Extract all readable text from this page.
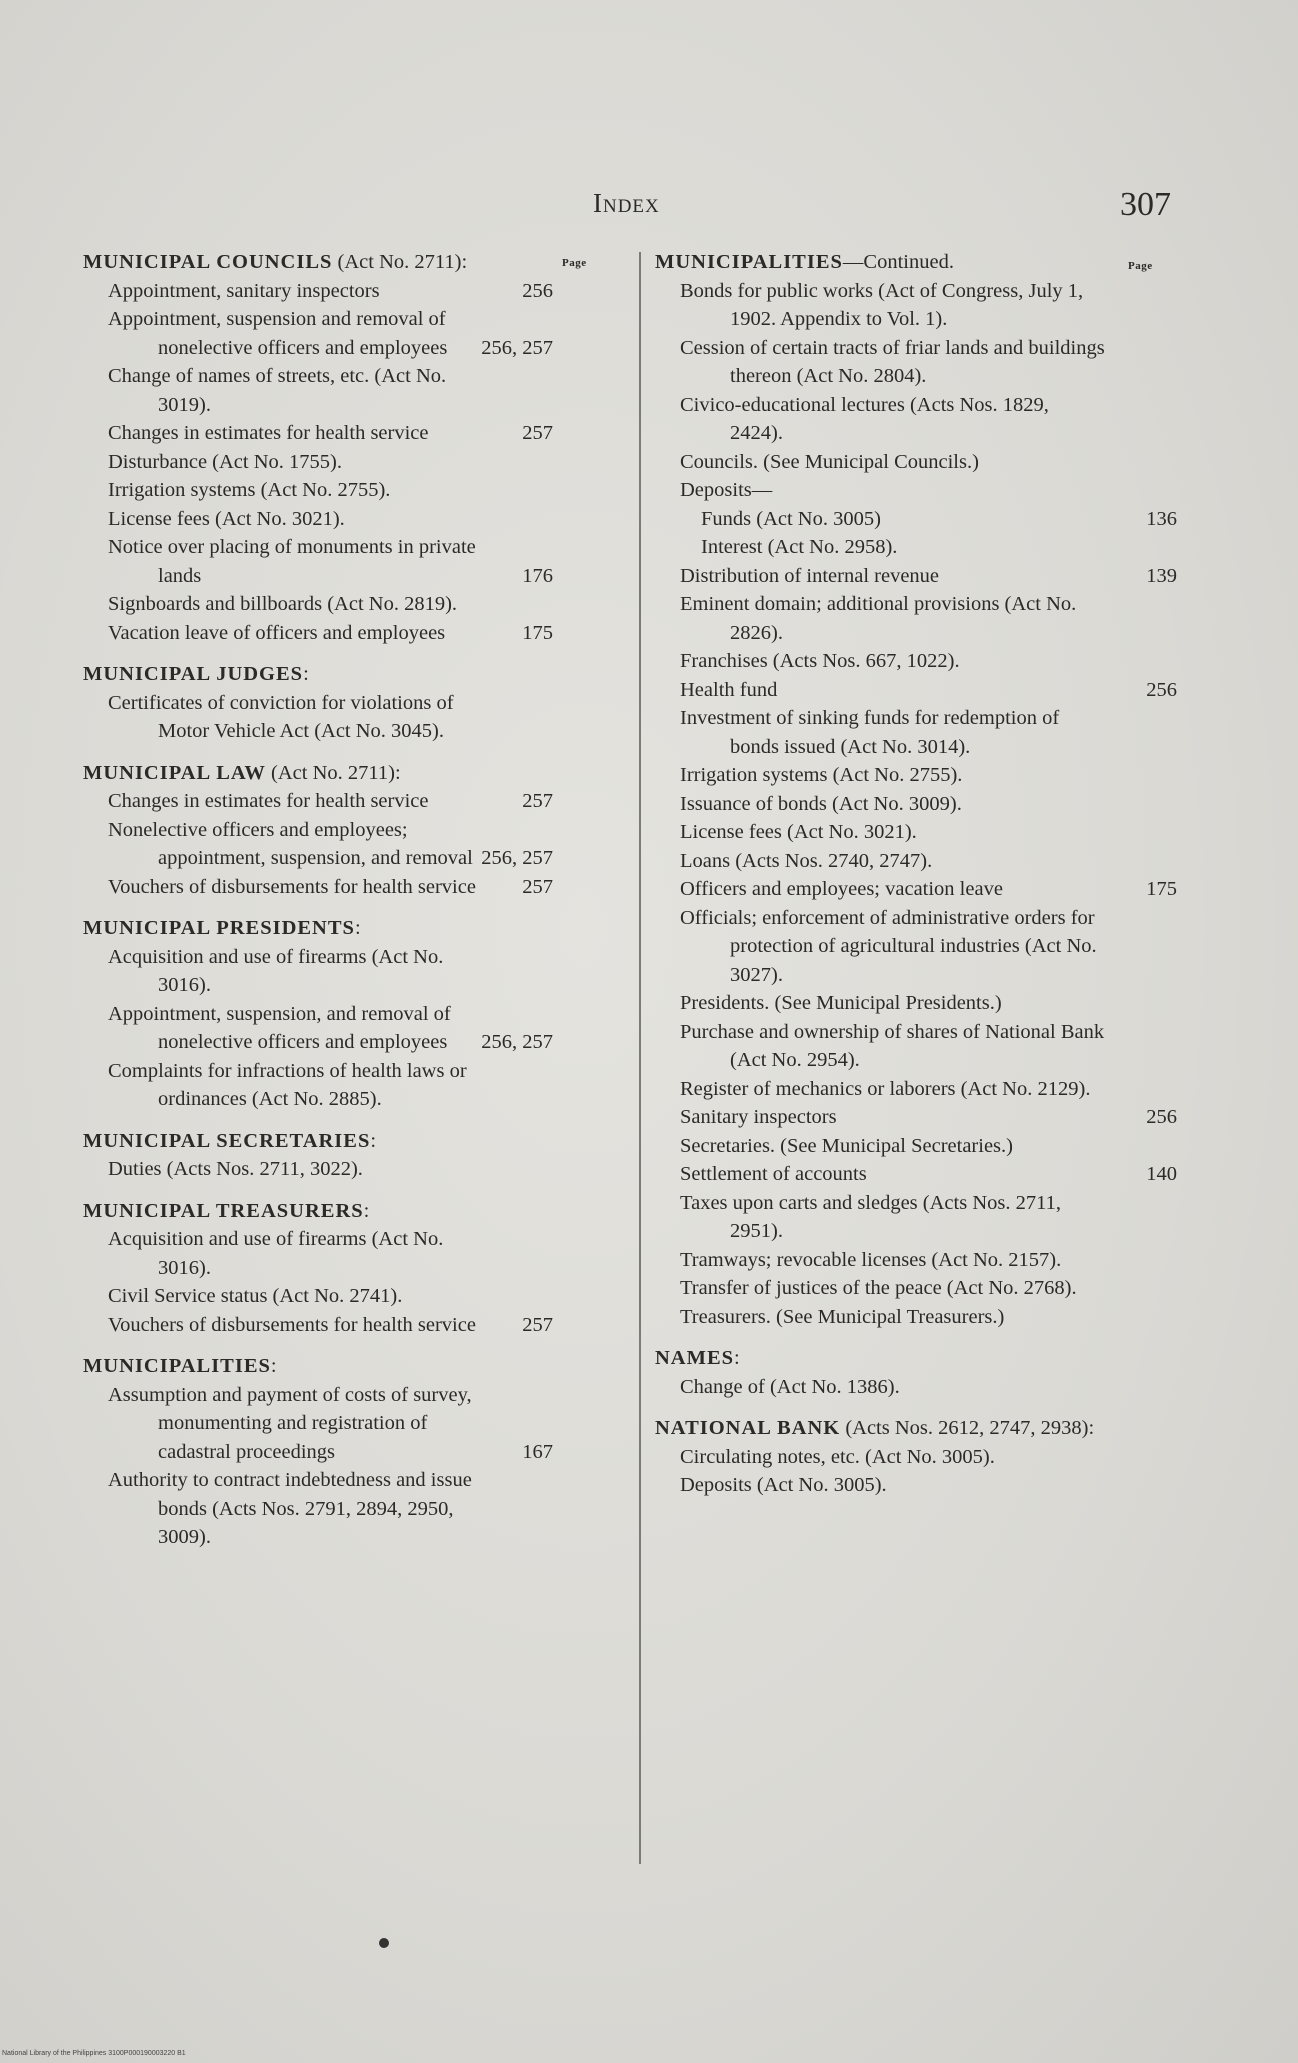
Index	307
Page	Page
MUNICIPAL COUNCILS (Act No. 2711):
Appointment, sanitary inspectors	256
Appointment, suspension and removal of nonelective officers and employees 256, 257
Change of names of streets, etc. (Act No. 3019).
Changes in estimates for health service	257
Disturbance (Act No. 1755).
Irrigation systems (Act No. 2755).
License fees (Act No. 3021).
Notice over placing of monuments in private lands	176
Signboards and billboards (Act No. 2819).
Vacation leave of officers and employees	175
MUNICIPAL JUDGES:
Certificates of conviction for violations of Motor Vehicle Act (Act No. 3045).
MUNICIPAL LAW (Act No. 2711):
Changes in estimates for health service	257
Nonelective officers and employees; appointment, suspension, and removal 256, 257
Vouchers of disbursements for health service 257
MUNICIPAL PRESIDENTS:
Acquisition and use of firearms (Act No. 3016).
Appointment, suspension, and removal of nonelective officers and employees 256, 257
Complaints for infractions of health laws or ordinances (Act No. 2885).
MUNICIPAL SECRETARIES:
Duties (Acts Nos. 2711, 3022).
MUNICIPAL TREASURERS:
Acquisition and use of firearms (Act No. 3016).
Civil Service status (Act No. 2741).
Vouchers of disbursements for health service 257
MUNICIPALITIES:
Assumption and payment of costs of survey, monumenting and registration of cadastral proceedings	167
Authority to contract indebtedness and issue bonds (Acts Nos. 2791, 2894, 2950, 3009).
MUNICIPALITIES—Continued.
Bonds for public works (Act of Congress, July 1, 1902. Appendix to Vol. 1).
Cession of certain tracts of friar lands and buildings thereon (Act No. 2804).
Civico-educational lectures (Acts Nos. 1829, 2424).
Councils. (See Municipal Councils.)
Deposits—
Funds (Act No. 3005)	136
Interest (Act No. 2958).
Distribution of internal revenue	139
Eminent domain; additional provisions (Act No. 2826).
Franchises (Acts Nos. 667, 1022).
Health fund	256
Investment of sinking funds for redemption of bonds issued (Act No. 3014).
Irrigation systems (Act No. 2755).
Issuance of bonds (Act No. 3009).
License fees (Act No. 3021).
Loans (Acts Nos. 2740, 2747).
Officers and employees; vacation leave	175
Officials; enforcement of administrative orders for protection of agricultural industries (Act No. 3027).
Presidents. (See Municipal Presidents.)
Purchase and ownership of shares of National Bank (Act No. 2954).
Register of mechanics or laborers (Act No. 2129).
Sanitary inspectors	256
Secretaries. (See Municipal Secretaries.)
Settlement of accounts	140
Taxes upon carts and sledges (Acts Nos. 2711, 2951).
Tramways; revocable licenses (Act No. 2157).
Transfer of justices of the peace (Act No. 2768).
Treasurers. (See Municipal Treasurers.)
NAMES:
Change of (Act No. 1386).
NATIONAL BANK (Acts Nos. 2612, 2747, 2938):
Circulating notes, etc. (Act No. 3005).
Deposits (Act No. 3005).
National Library of the Philippines 3100P000190003220 B1
